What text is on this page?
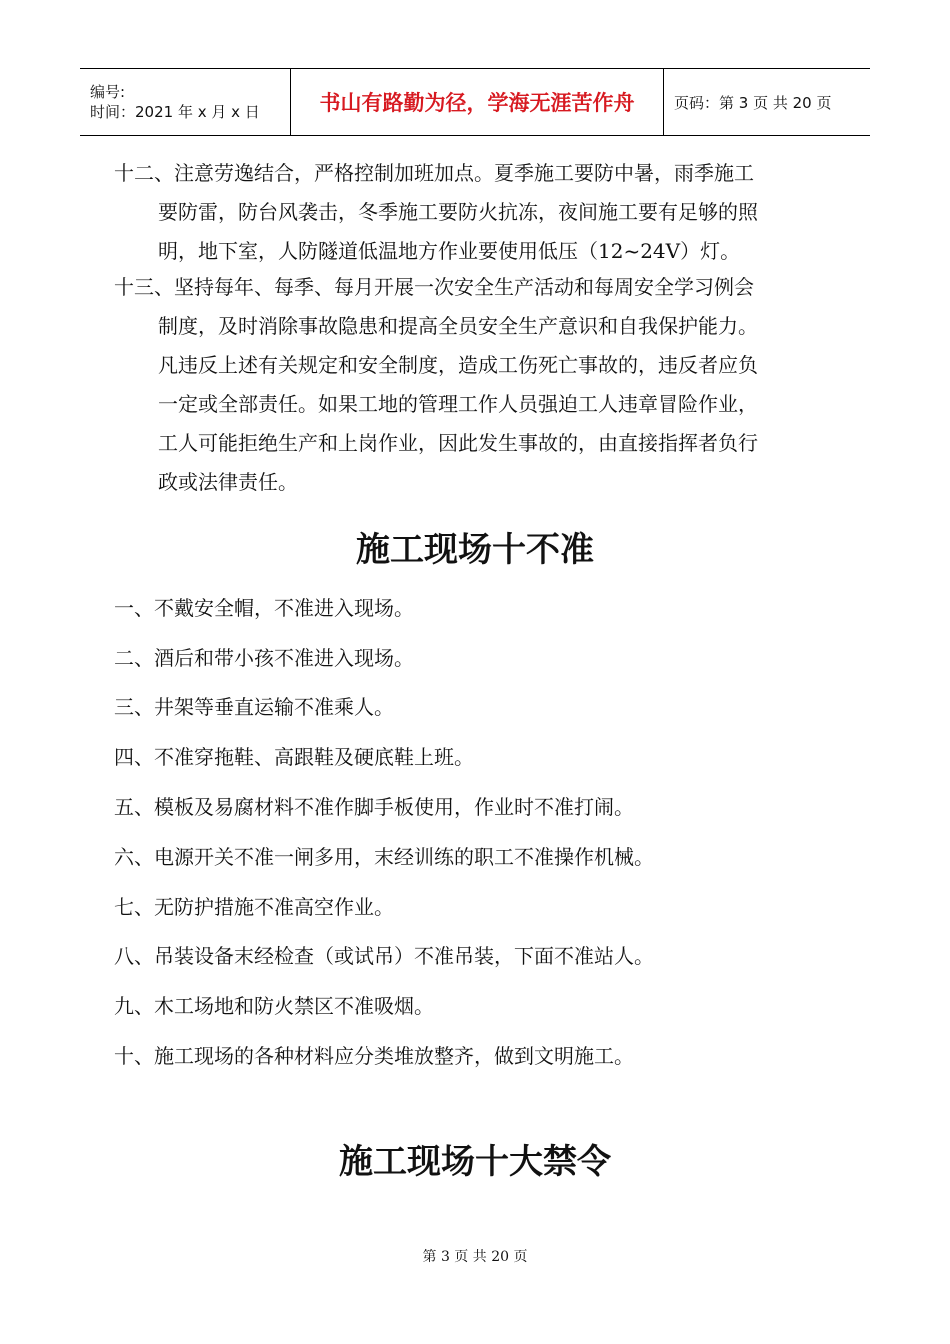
编号:
时间：2021 年 x 月 x 日	书山有路勤为径，学海无涯苦作舟	页码：第 3 页 共 20 页
十二、注意劳逸结合，严格控制加班加点。夏季施工要防中暑，雨季施工
要防雷，防台风袭击，冬季施工要防火抗冻，夜间施工要有足够的照
明，地下室，人防隧道低温地方作业要使用低压（12~24V）灯。
十三、坚持每年、每季、每月开展一次安全生产活动和每周安全学习例会
制度，及时消除事故隐患和提高全员安全生产意识和自我保护能力。
凡违反上述有关规定和安全制度，造成工伤死亡事故的，违反者应负
一定或全部责任。如果工地的管理工作人员强迫工人违章冒险作业，
工人可能拒绝生产和上岗作业，因此发生事故的，由直接指挥者负行
政或法律责任。
施工现场十不准
一、不戴安全帽，不准进入现场。
二、酒后和带小孩不准进入现场。
三、井架等垂直运输不准乘人。
四、不准穿拖鞋、高跟鞋及硬底鞋上班。
五、模板及易腐材料不准作脚手板使用，作业时不准打闹。
六、电源开关不准一闸多用，末经训练的职工不准操作机械。
七、无防护措施不准高空作业。
八、吊装设备末经检查（或试吊）不准吊装，下面不准站人。
九、木工场地和防火禁区不准吸烟。
十、施工现场的各种材料应分类堆放整齐，做到文明施工。
施工现场十大禁令
第 3 页 共 20 页
